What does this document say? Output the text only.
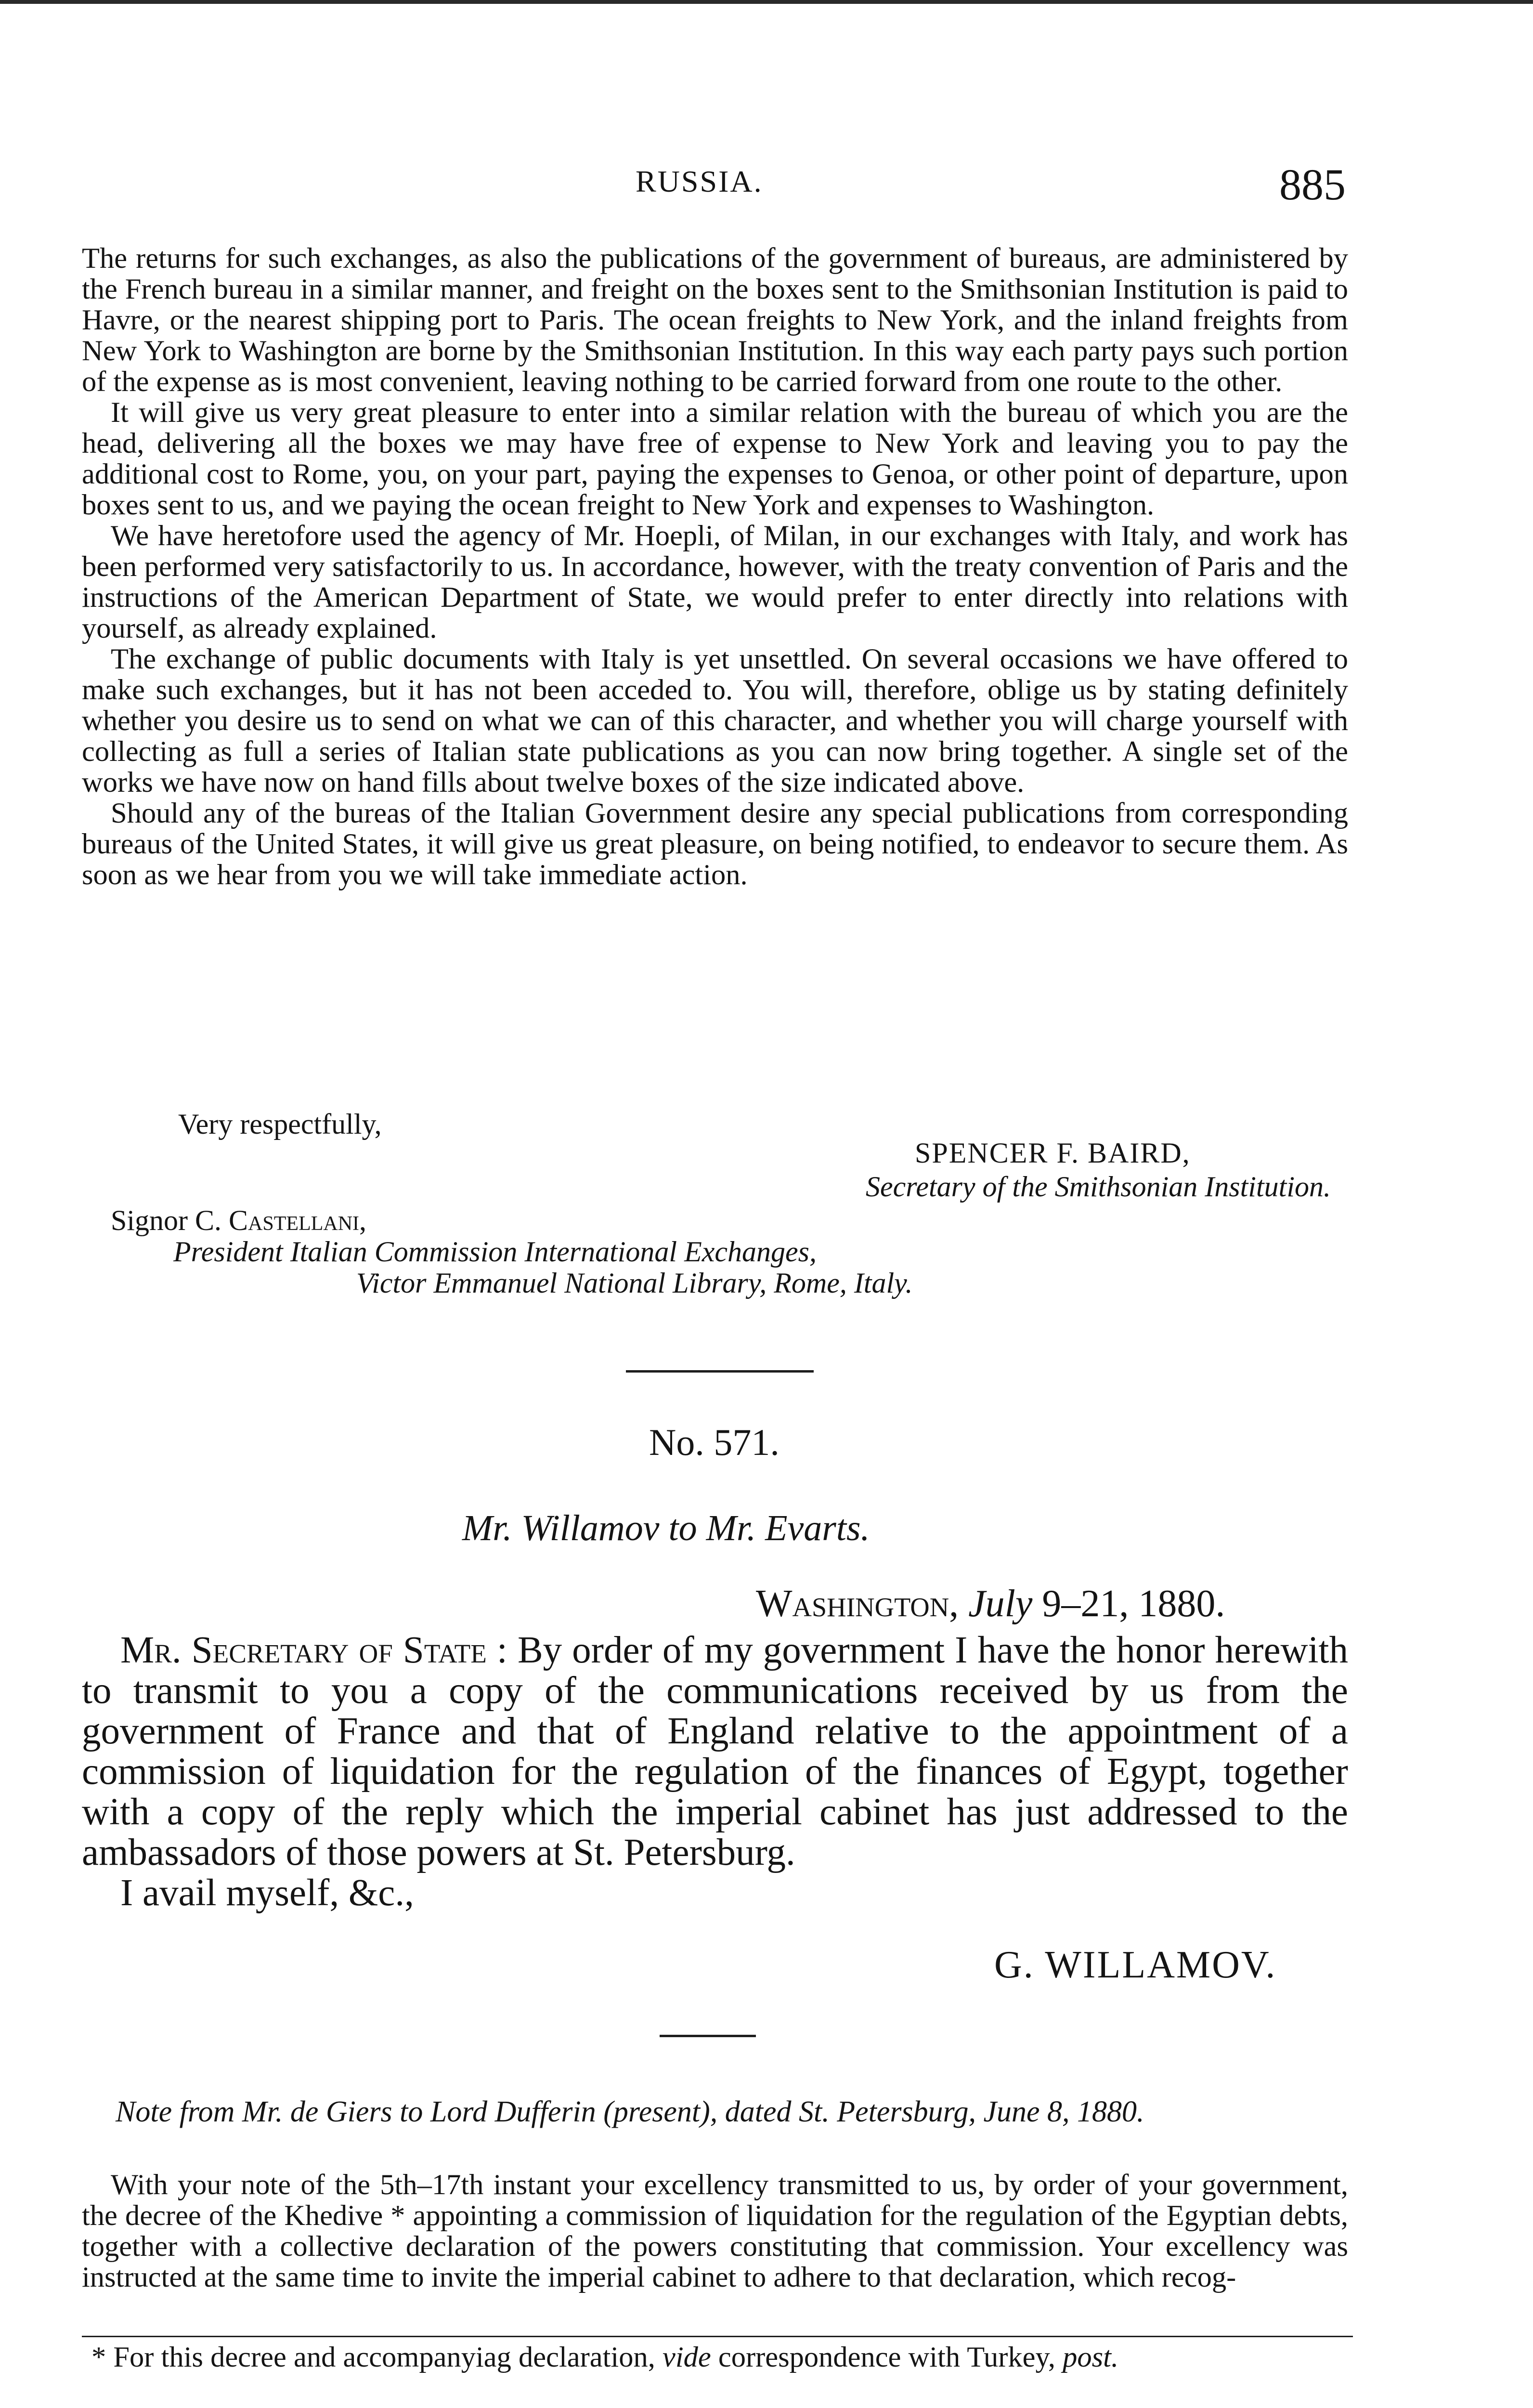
RUSSIA.	885

The returns for such exchanges, as also the publications of the government of bureaus, are administered by the French bureau in a similar manner, and freight on the boxes sent to the Smithsonian Institution is paid to Havre, or the nearest shipping port to Paris. The ocean freights to New York, and the inland freights from New York to Washington are borne by the Smithsonian Institution. In this way each party pays such portion of the expense as is most convenient, leaving nothing to be carried forward from one route to the other.

It will give us very great pleasure to enter into a similar relation with the bureau of which you are the head, delivering all the boxes we may have free of expense to New York and leaving you to pay the additional cost to Rome, you, on your part, paying the expenses to Genoa, or other point of departure, upon boxes sent to us, and we paying the ocean freight to New York and expenses to Washington.

We have heretofore used the agency of Mr. Hoepli, of Milan, in our exchanges with Italy, and work has been performed very satisfactorily to us. In accordance, however, with the treaty convention of Paris and the instructions of the American Department of State, we would prefer to enter directly into relations with yourself, as already explained.

The exchange of public documents with Italy is yet unsettled. On several occasions we have offered to make such exchanges, but it has not been acceded to. You will, therefore, oblige us by stating definitely whether you desire us to send on what we can of this character, and whether you will charge yourself with collecting as full a series of Italian state publications as you can now bring together. A single set of the works we have now on hand fills about twelve boxes of the size indicated above.

Should any of the bureas of the Italian Government desire any special publications from corresponding bureaus of the United States, it will give us great pleasure, on being notified, to endeavor to secure them. As soon as we hear from you we will take immediate action.

Very respectfully,
SPENCER F. BAIRD,
Secretary of the Smithsonian Institution.
Signor C. Castellani,
President Italian Commission International Exchanges,
Victor Emmanuel National Library, Rome, Italy.
No. 571.
Mr. Willamov to Mr. Evarts.
Washington, July 9–21, 1880.

Mr. Secretary of State : By order of my government I have the honor herewith to transmit to you a copy of the communications received by us from the government of France and that of England relative to the appointment of a commission of liquidation for the regulation of the finances of Egypt, together with a copy of the reply which the imperial cabinet has just addressed to the ambassadors of those powers at St. Petersburg.

I avail myself, &c.,

G. WILLAMOV.
Note from Mr. de Giers to Lord Dufferin (present), dated St. Petersburg, June 8, 1880.

With your note of the 5th–17th instant your excellency transmitted to us, by order of your government, the decree of the Khedive * appointing a commission of liquidation for the regulation of the Egyptian debts, together with a collective declaration of the powers constituting that commission. Your excellency was instructed at the same time to invite the imperial cabinet to adhere to that declaration, which recog-

* For this decree and accompanyiag declaration, vide correspondence with Turkey, post.
